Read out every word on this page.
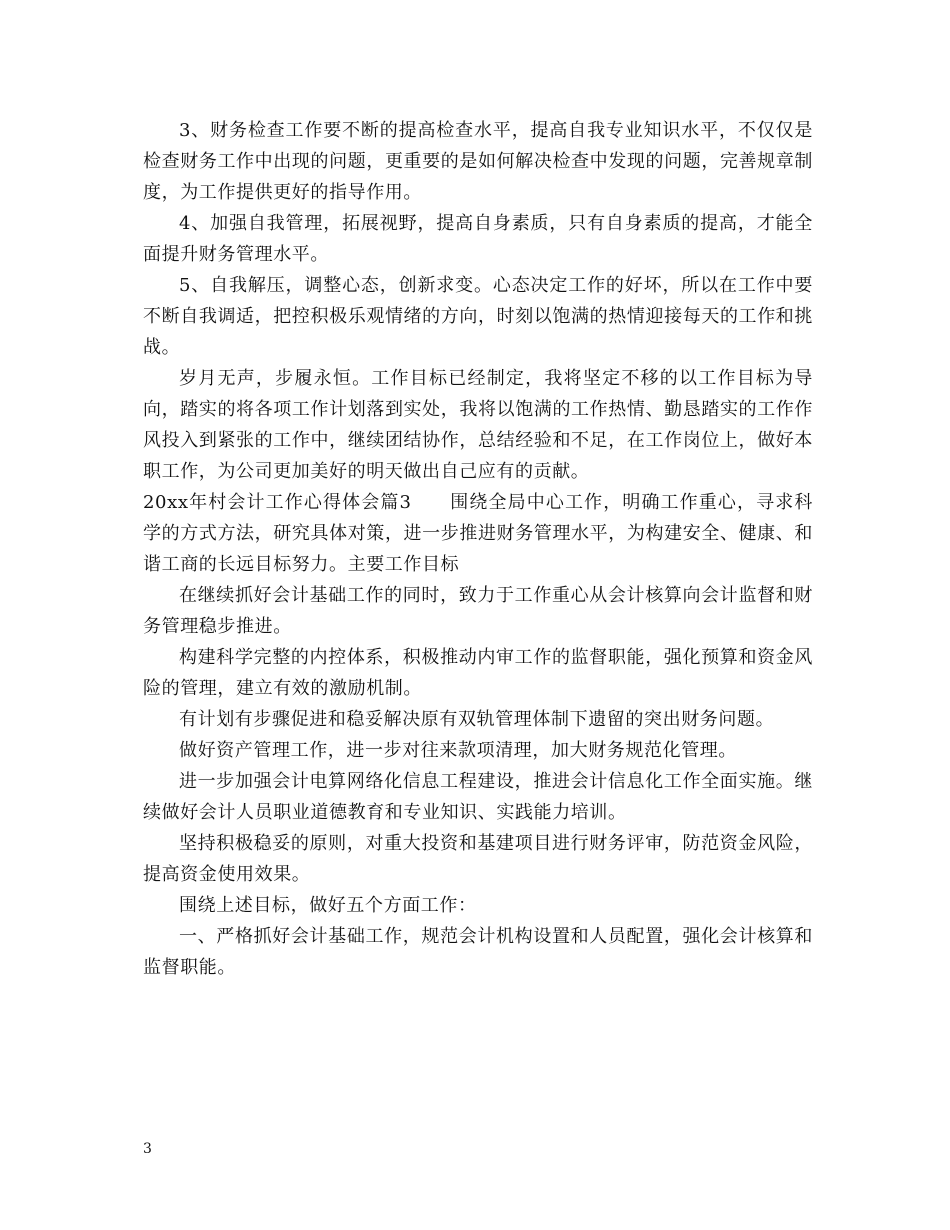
3、财务检查工作要不断的提高检查水平，提高自我专业知识水平，不仅仅是检查财务工作中出现的问题，更重要的是如何解决检查中发现的问题，完善规章制度，为工作提供更好的指导作用。

4、加强自我管理，拓展视野，提高自身素质，只有自身素质的提高，才能全面提升财务管理水平。

5、自我解压，调整心态，创新求变。心态决定工作的好坏，所以在工作中要不断自我调适，把控积极乐观情绪的方向，时刻以饱满的热情迎接每天的工作和挑战。

岁月无声，步履永恒。工作目标已经制定，我将坚定不移的以工作目标为导向，踏实的将各项工作计划落到实处，我将以饱满的工作热情、勤恳踏实的工作作风投入到紧张的工作中，继续团结协作，总结经验和不足，在工作岗位上，做好本职工作，为公司更加美好的明天做出自己应有的贡献。

20xx年村会计工作心得体会篇3　　围绕全局中心工作，明确工作重心，寻求科学的方式方法，研究具体对策，进一步推进财务管理水平，为构建安全、健康、和谐工商的长远目标努力。主要工作目标

在继续抓好会计基础工作的同时，致力于工作重心从会计核算向会计监督和财务管理稳步推进。

构建科学完整的内控体系，积极推动内审工作的监督职能，强化预算和资金风险的管理，建立有效的激励机制。

有计划有步骤促进和稳妥解决原有双轨管理体制下遗留的突出财务问题。

做好资产管理工作，进一步对往来款项清理，加大财务规范化管理。

进一步加强会计电算网络化信息工程建设，推进会计信息化工作全面实施。继续做好会计人员职业道德教育和专业知识、实践能力培训。

坚持积极稳妥的原则，对重大投资和基建项目进行财务评审，防范资金风险，提高资金使用效果。

围绕上述目标，做好五个方面工作：

一、严格抓好会计基础工作，规范会计机构设置和人员配置，强化会计核算和监督职能。

3
